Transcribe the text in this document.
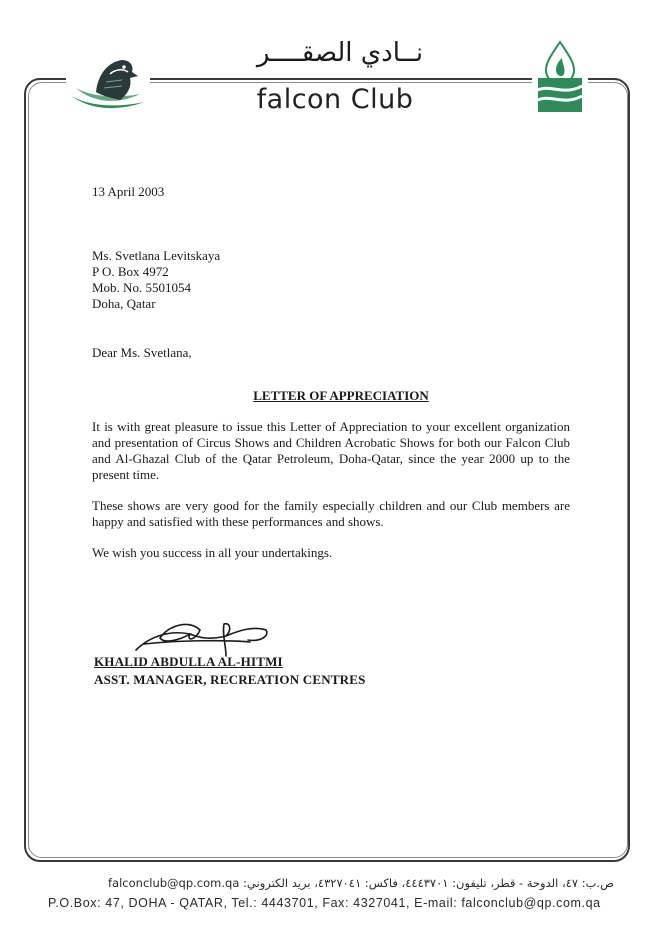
نــادي الصقــــر
falcon Club
13 April 2003
Ms. Svetlana Levitskaya
P O. Box 4972
Mob. No. 5501054
Doha, Qatar
Dear Ms. Svetlana,
LETTER OF APPRECIATION
It is with great pleasure to issue this Letter of Appreciation to your excellent organization and presentation of Circus Shows and Children Acrobatic Shows for both our Falcon Club and Al-Ghazal Club of the Qatar Petroleum, Doha-Qatar, since the year 2000 up to the present time.
These shows are very good for the family especially children and our Club members are happy and satisfied with these performances and shows.
We wish you success in all your undertakings.
KHALID ABDULLA AL-HITMI
ASST. MANAGER, RECREATION CENTRES
ص.ب: ٤٧، الدوحة - قطر، تليفون: ٤٤٤٣٧٠١، فاكس: ٤٣٢٧٠٤١، بريد الكتروني: falconclub@qp.com.qa
P.O.Box: 47, DOHA - QATAR, Tel.: 4443701, Fax: 4327041, E-mail: falconclub@qp.com.qa
